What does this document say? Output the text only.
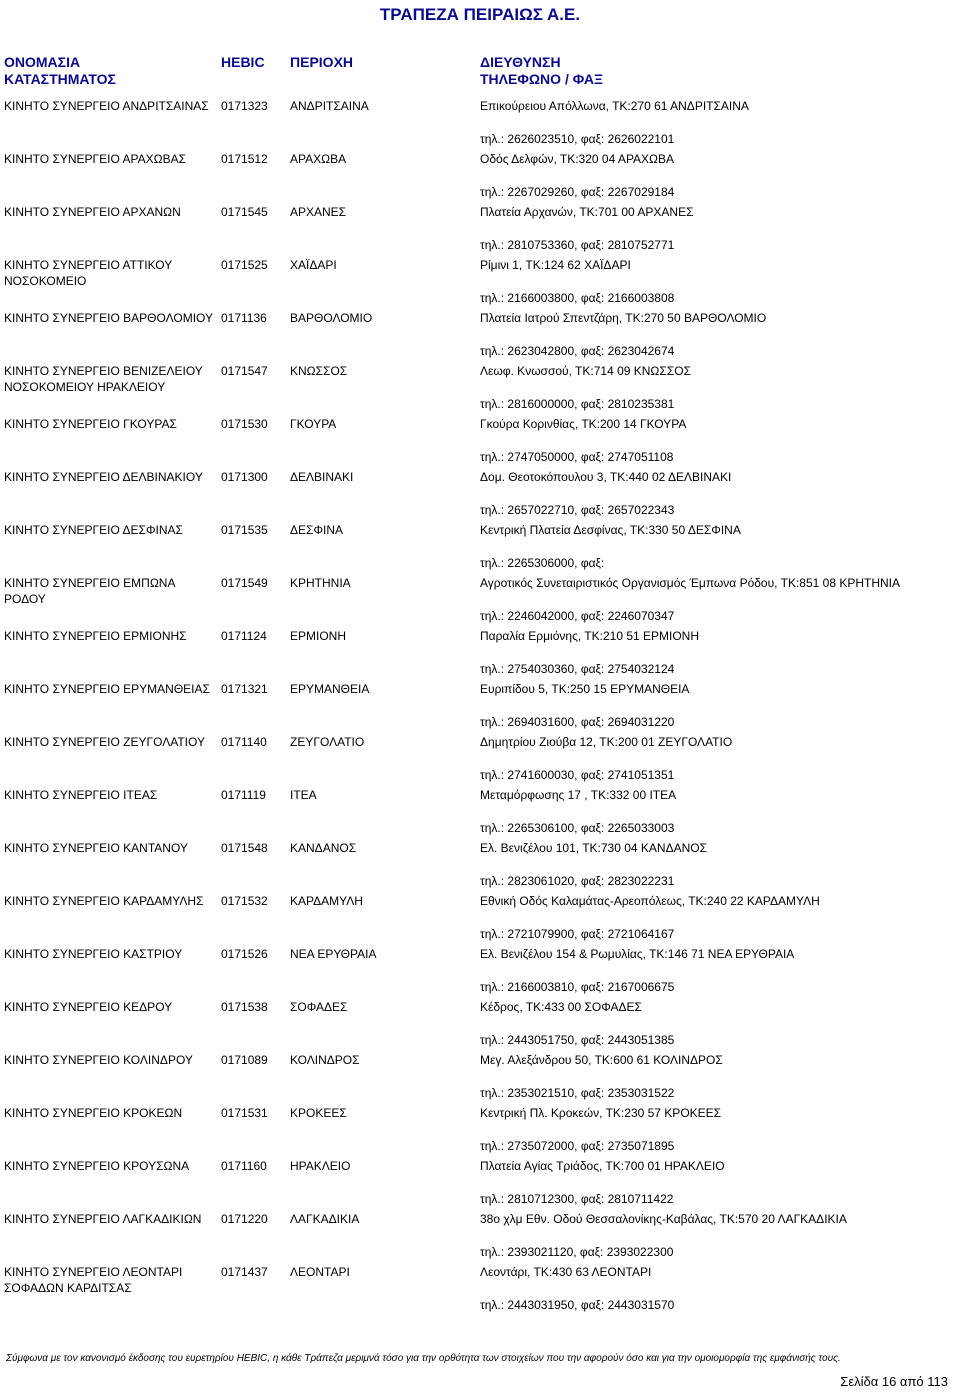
ΤΡΑΠΕΖΑ ΠΕΙΡΑΙΩΣ Α.Ε.
ΟΝΟΜΑΣΙΑ
ΚΑΤΑΣΤΗΜΑΤΟΣ
HEBIC ΠΕΡΙΟΧΗ	ΔΙΕΥΘΥΝΣΗ
ΤΗΛΕΦΩΝΟ / ΦΑΞ
ΚΙΝΗΤΟ ΣΥΝΕΡΓΕΙΟ ΑΝΔΡΙΤΣΑΙΝΑΣ	0171323 ΑΝΔΡΙΤΣΑΙΝΑ	Επικούρειου Απόλλωνα, ΤΚ:270 61 ΑΝΔΡΙΤΣΑΙΝΑ
τηλ.: 2626023510, φαξ: 2626022101
ΚΙΝΗΤΟ ΣΥΝΕΡΓΕΙΟ ΑΡΑΧΩΒΑΣ	0171512 ΑΡΑΧΩΒΑ	Οδός Δελφών, ΤΚ:320 04 ΑΡΑΧΩΒΑ
τηλ.: 2267029260, φαξ: 2267029184
ΚΙΝΗΤΟ ΣΥΝΕΡΓΕΙΟ ΑΡΧΑΝΩΝ	0171545 ΑΡΧΑΝΕΣ	Πλατεία Αρχανών, ΤΚ:701 00 ΑΡΧΑΝΕΣ
τηλ.: 2810753360, φαξ: 2810752771
ΚΙΝΗΤΟ ΣΥΝΕΡΓΕΙΟ ΑΤΤΙΚΟΥ ΝΟΣΟΚΟΜΕΙΟ
0171525 ΧΑΪΔΑΡΙ	Ρίμινι 1, ΤΚ:124 62 ΧΑΪΔΑΡΙ
τηλ.: 2166003800, φαξ: 2166003808
ΚΙΝΗΤΟ ΣΥΝΕΡΓΕΙΟ ΒΑΡΘΟΛΟΜΙΟΥ 0171136 ΒΑΡΘΟΛΟΜΙΟ	Πλατεία Ιατρού Σπεντζάρη, ΤΚ:270 50 ΒΑΡΘΟΛΟΜΙΟ
τηλ.: 2623042800, φαξ: 2623042674
ΚΙΝΗΤΟ ΣΥΝΕΡΓΕΙΟ ΒΕΝΙΖΕΛΕΙΟΥ ΝΟΣΟΚΟΜΕΙΟΥ ΗΡΑΚΛΕΙΟΥ
0171547 ΚΝΩΣΣΟΣ	Λεωφ. Κνωσσού, ΤΚ:714 09 ΚΝΩΣΣΟΣ
τηλ.: 2816000000, φαξ: 2810235381
ΚΙΝΗΤΟ ΣΥΝΕΡΓΕΙΟ ΓΚΟΥΡΑΣ	0171530 ΓΚΟΥΡΑ	Γκούρα Κορινθίας, ΤΚ:200 14 ΓΚΟΥΡΑ
τηλ.: 2747050000, φαξ: 2747051108
ΚΙΝΗΤΟ ΣΥΝΕΡΓΕΙΟ ΔΕΛΒΙΝΑΚΙΟΥ	0171300 ΔΕΛΒΙΝΑΚΙ	Δομ. Θεοτοκόπουλου 3, ΤΚ:440 02 ΔΕΛΒΙΝΑΚΙ
τηλ.: 2657022710, φαξ: 2657022343
ΚΙΝΗΤΟ ΣΥΝΕΡΓΕΙΟ ΔΕΣΦΙΝΑΣ	0171535 ΔΕΣΦΙΝΑ	Κεντρική Πλατεία Δεσφίνας, ΤΚ:330 50 ΔΕΣΦΙΝΑ
τηλ.: 2265306000, φαξ:
ΚΙΝΗΤΟ ΣΥΝΕΡΓΕΙΟ ΕΜΠΩΝΑ ΡΟΔΟΥ
0171549 ΚΡΗΤΗΝΙΑ	Αγροτικός Συνεταιριστικός Οργανισμός Έμπωνα Ρόδου, ΤΚ:851 08 ΚΡΗΤΗΝΙΑ
τηλ.: 2246042000, φαξ: 2246070347
ΚΙΝΗΤΟ ΣΥΝΕΡΓΕΙΟ ΕΡΜΙΟΝΗΣ	0171124 ΕΡΜΙΟΝΗ	Παραλία Ερμιόνης, ΤΚ:210 51 ΕΡΜΙΟΝΗ
τηλ.: 2754030360, φαξ: 2754032124
ΚΙΝΗΤΟ ΣΥΝΕΡΓΕΙΟ ΕΡΥΜΑΝΘΕΙΑΣ 0171321 ΕΡΥΜΑΝΘΕΙΑ	Ευριπίδου 5, ΤΚ:250 15 ΕΡΥΜΑΝΘΕΙΑ
τηλ.: 2694031600, φαξ: 2694031220
ΚΙΝΗΤΟ ΣΥΝΕΡΓΕΙΟ ΖΕΥΓΟΛΑΤΙΟΥ	0171140 ΖΕΥΓΟΛΑΤΙΟ	Δημητρίου Ζιούβα 12, ΤΚ:200 01 ΖΕΥΓΟΛΑΤΙΟ
τηλ.: 2741600030, φαξ: 2741051351
ΚΙΝΗΤΟ ΣΥΝΕΡΓΕΙΟ ΙΤΕΑΣ	0171119 ΙΤΕΑ	Μεταμόρφωσης 17 , ΤΚ:332 00 ΙΤΕΑ
τηλ.: 2265306100, φαξ: 2265033003
ΚΙΝΗΤΟ ΣΥΝΕΡΓΕΙΟ ΚΑΝΤΑΝΟΥ	0171548 ΚΑΝΔΑΝΟΣ	Ελ. Βενιζέλου 101, ΤΚ:730 04 ΚΑΝΔΑΝΟΣ
τηλ.: 2823061020, φαξ: 2823022231
ΚΙΝΗΤΟ ΣΥΝΕΡΓΕΙΟ ΚΑΡΔΑΜΥΛΗΣ	0171532 ΚΑΡΔΑΜΥΛΗ	Εθνική Οδός Καλαμάτας-Αρεοπόλεως, ΤΚ:240 22 ΚΑΡΔΑΜΥΛΗ
τηλ.: 2721079900, φαξ: 2721064167
ΚΙΝΗΤΟ ΣΥΝΕΡΓΕΙΟ ΚΑΣΤΡΙΟΥ	0171526 ΝΕΑ ΕΡΥΘΡΑΙΑ	Ελ. Βενιζέλου 154 & Ρωμυλίας, ΤΚ:146 71 ΝΕΑ ΕΡΥΘΡΑΙΑ
τηλ.: 2166003810, φαξ: 2167006675
ΚΙΝΗΤΟ ΣΥΝΕΡΓΕΙΟ ΚΕΔΡΟΥ	0171538 ΣΟΦΑΔΕΣ	Κέδρος, ΤΚ:433 00 ΣΟΦΑΔΕΣ
τηλ.: 2443051750, φαξ: 2443051385
ΚΙΝΗΤΟ ΣΥΝΕΡΓΕΙΟ ΚΟΛΙΝΔΡΟΥ	0171089 ΚΟΛΙΝΔΡΟΣ	Μεγ. Αλεξάνδρου 50, ΤΚ:600 61 ΚΟΛΙΝΔΡΟΣ
τηλ.: 2353021510, φαξ: 2353031522
ΚΙΝΗΤΟ ΣΥΝΕΡΓΕΙΟ ΚΡΟΚΕΩΝ	0171531 ΚΡΟΚΕΕΣ	Κεντρική Πλ. Κροκεών, ΤΚ:230 57 ΚΡΟΚΕΕΣ
τηλ.: 2735072000, φαξ: 2735071895
ΚΙΝΗΤΟ ΣΥΝΕΡΓΕΙΟ ΚΡΟΥΣΩΝΑ	0171160 ΗΡΑΚΛΕΙΟ	Πλατεία Αγίας Τριάδος, ΤΚ:700 01 ΗΡΑΚΛΕΙΟ
τηλ.: 2810712300, φαξ: 2810711422
ΚΙΝΗΤΟ ΣΥΝΕΡΓΕΙΟ ΛΑΓΚΑΔΙΚΙΩΝ	0171220 ΛΑΓΚΑΔΙΚΙΑ	38ο χλμ Εθν. Οδού Θεσσαλονίκης-Καβάλας, ΤΚ:570 20 ΛΑΓΚΑΔΙΚΙΑ
τηλ.: 2393021120, φαξ: 2393022300
ΚΙΝΗΤΟ ΣΥΝΕΡΓΕΙΟ ΛΕΟΝΤΑΡΙ ΣΟΦΑΔΩΝ ΚΑΡΔΙΤΣΑΣ
0171437 ΛΕΟΝΤΑΡΙ	Λεοντάρι, ΤΚ:430 63 ΛΕΟΝΤΑΡΙ
τηλ.: 2443031950, φαξ: 2443031570
Σύμφωνα με τον κανονισμό έκδοσης του ευρετηρίου HEBIC, η κάθε Τράπεζα μεριμνά τόσο για την ορθότητα των στοιχείων που την αφορούν όσο και για την ομοιομορφία της εμφάνισής τους.
Σελίδα 16 από 113
